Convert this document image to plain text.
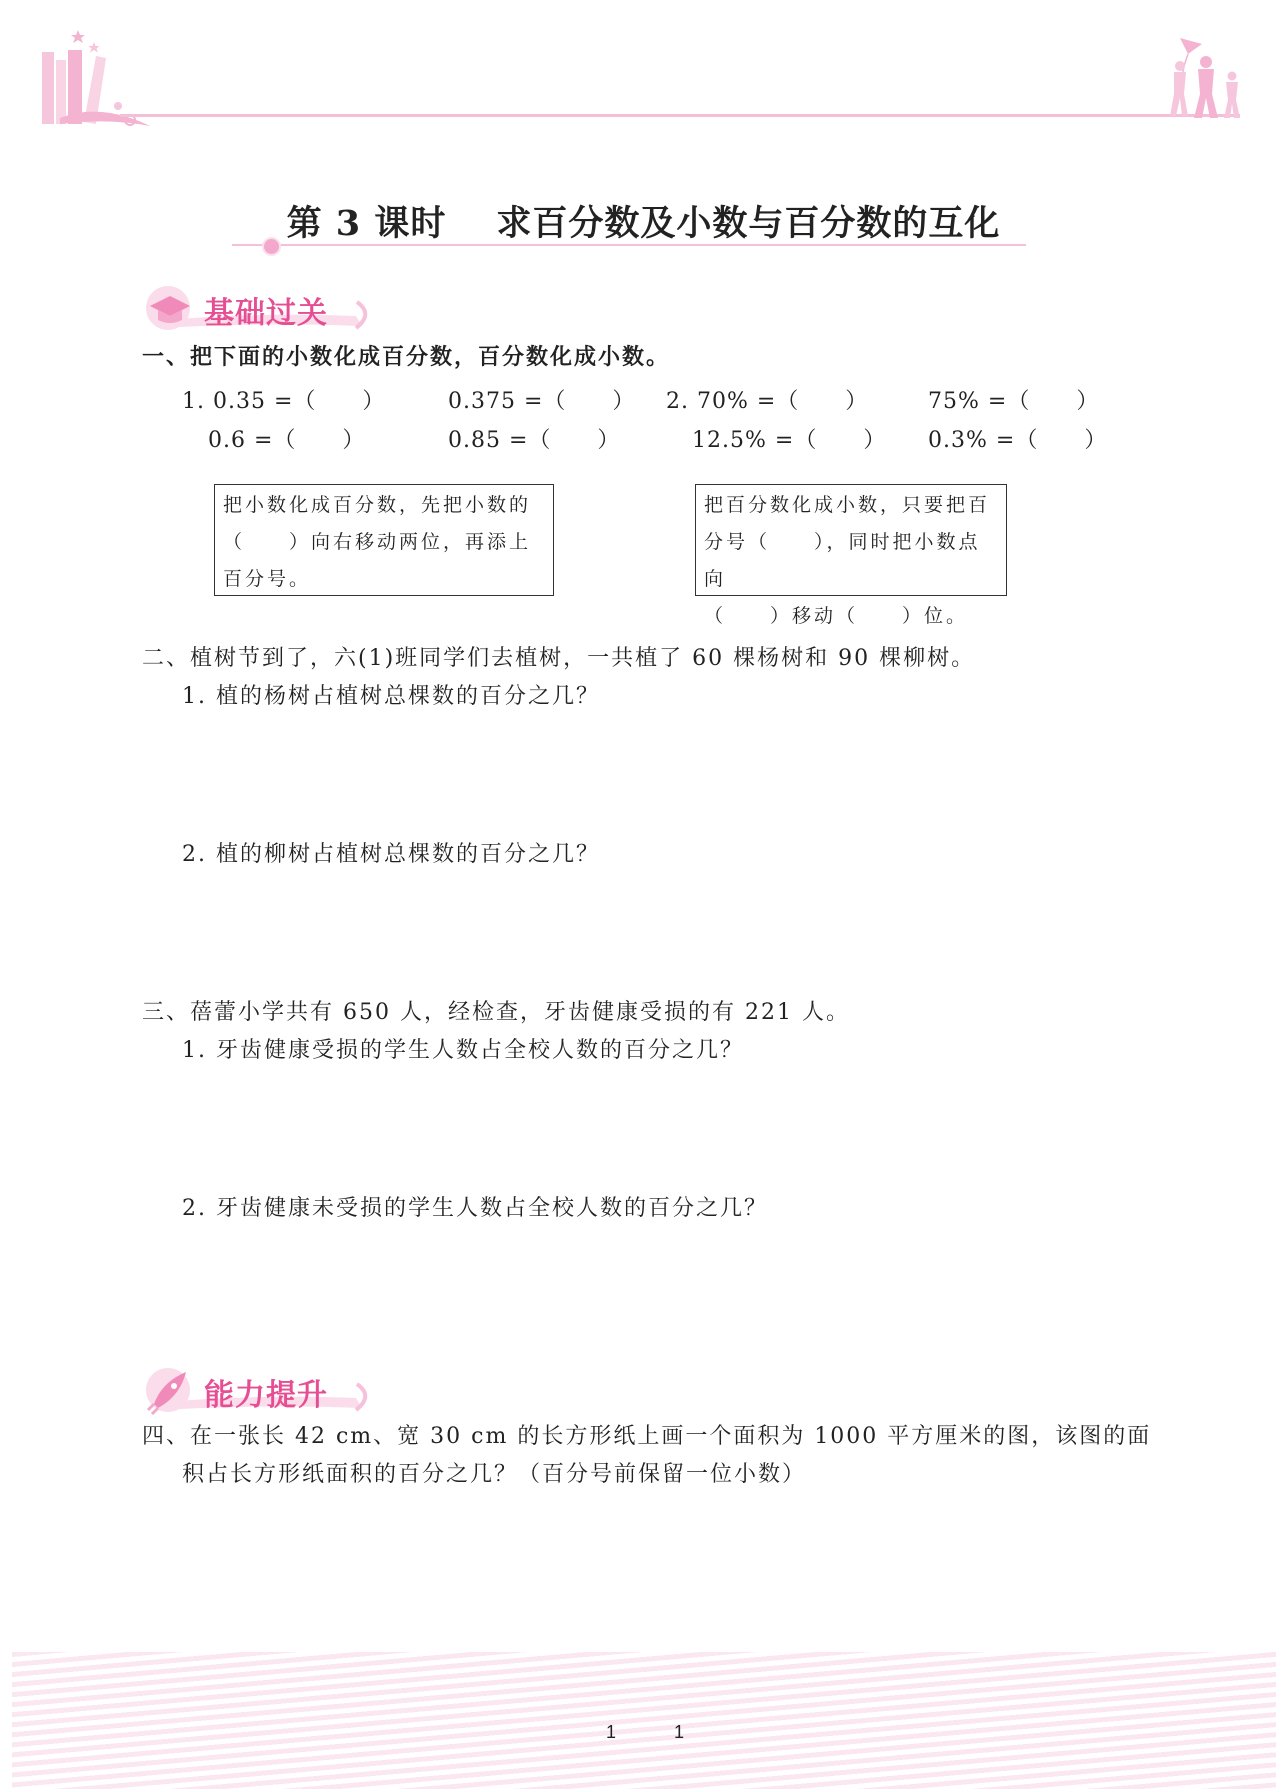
第 3 课时 求百分数及小数与百分数的互化
基础过关
一、把下面的小数化成百分数，百分数化成小数。
1. 0.35 =（　　）	0.375 =（　　） 2. 70% =（　　）	75% =（　　）
0.6 =（　　）	0.85 =（　　）	12.5% =（　　） 0.3% =（　　）
把小数化成百分数，先把小数的
（　　）向右移动两位，再添上
百分号。
把百分数化成小数，只要把百
分号（　　），同时把小数点向
（　　）移动（　　）位。
二、植树节到了，六(1)班同学们去植树，一共植了 60 棵杨树和 90 棵柳树。
1. 植的杨树占植树总棵数的百分之几？
2. 植的柳树占植树总棵数的百分之几？
三、蓓蕾小学共有 650 人，经检查，牙齿健康受损的有 221 人。
1. 牙齿健康受损的学生人数占全校人数的百分之几？
2. 牙齿健康未受损的学生人数占全校人数的百分之几？
能力提升
四、在一张长 42 cm、宽 30 cm 的长方形纸上画一个面积为 1000 平方厘米的图，该图的面
积占长方形纸面积的百分之几？（百分号前保留一位小数）
1	1
